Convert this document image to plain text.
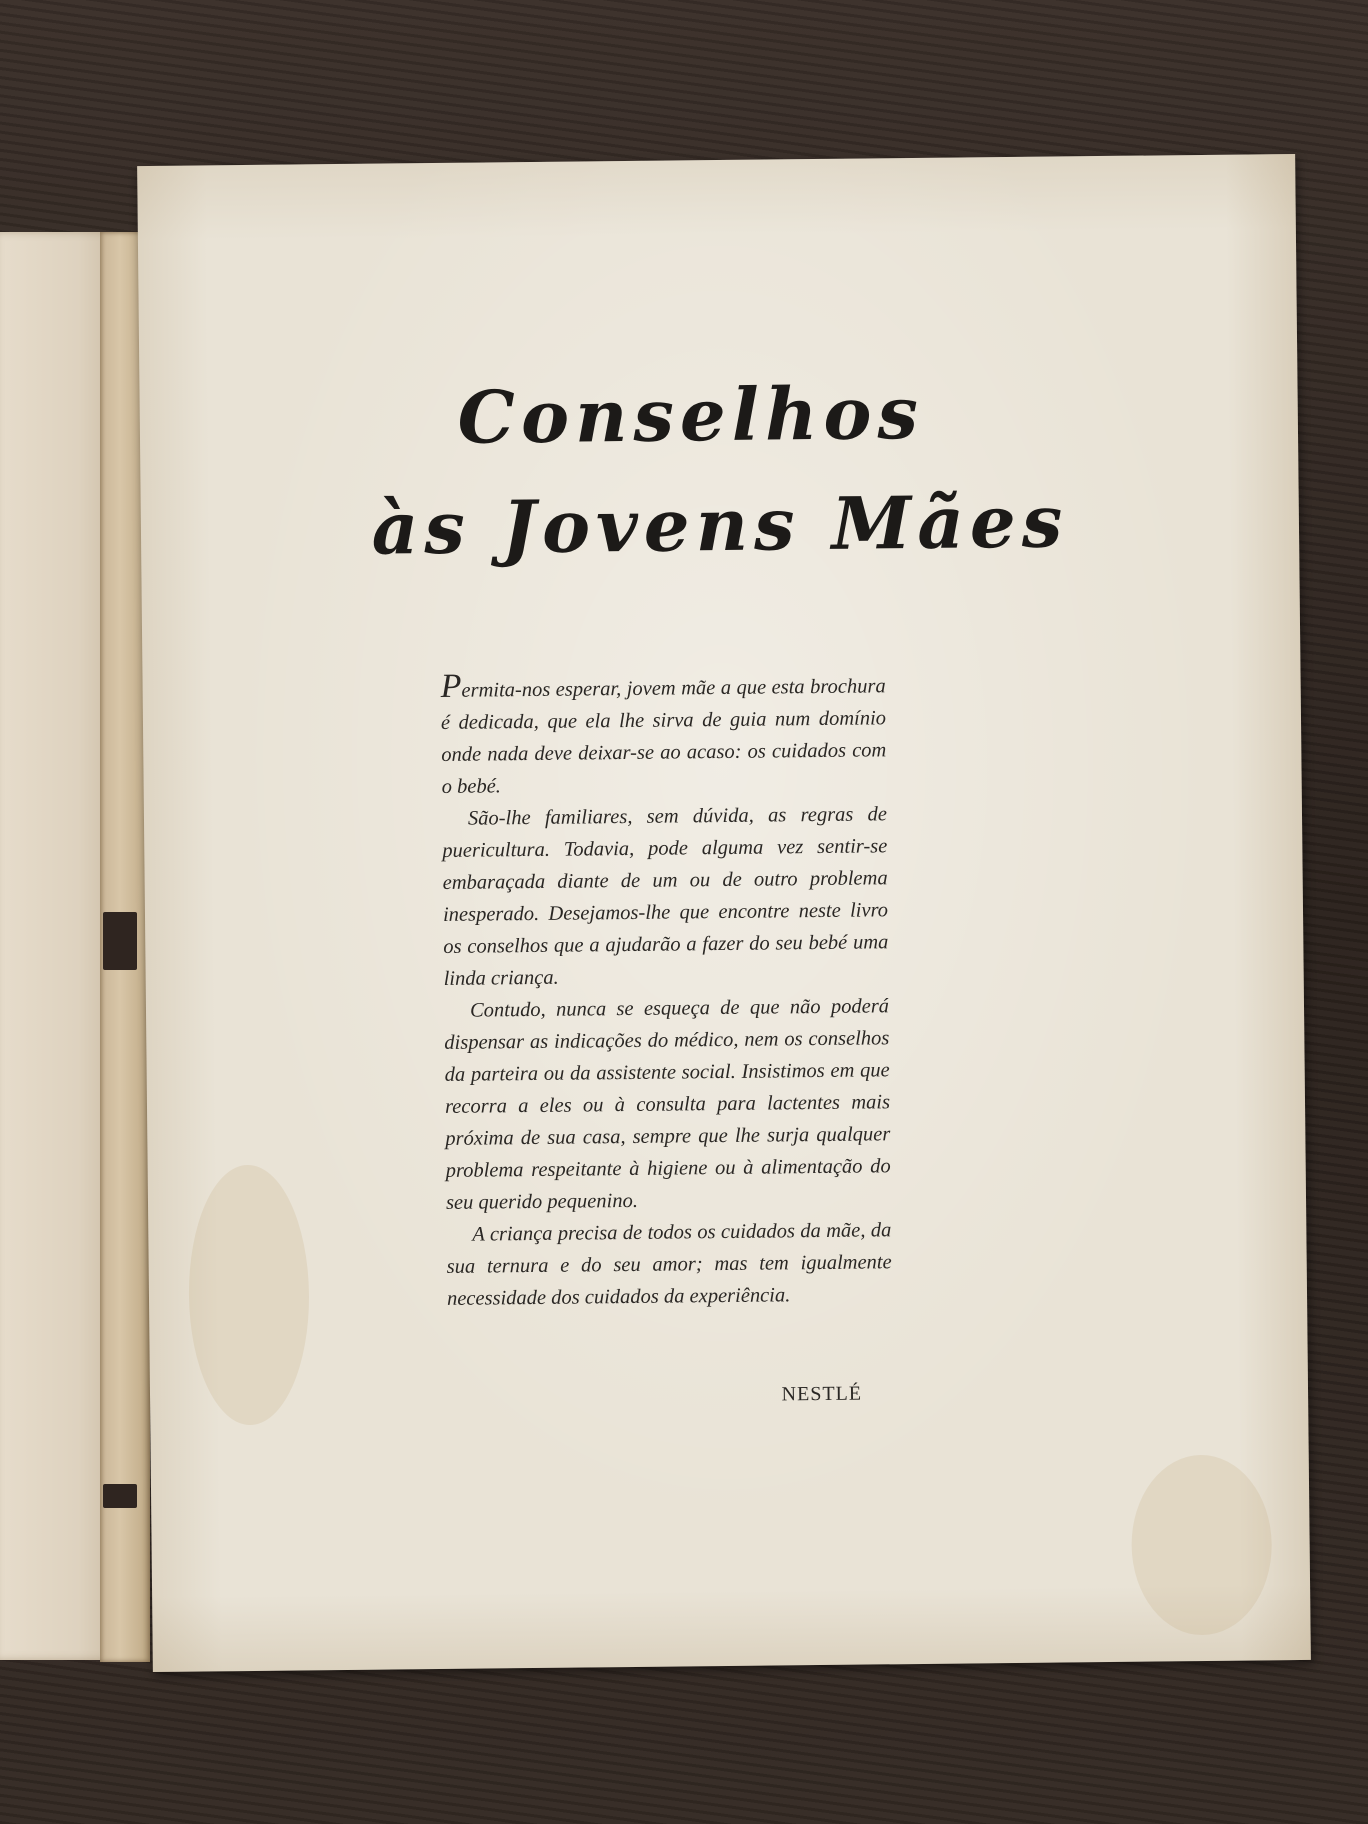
Conselhos
às Jovens Mães

Permita-nos esperar, jovem mãe a que esta brochura é dedicada, que ela lhe sirva de guia num domínio onde nada deve deixar-se ao acaso: os cuidados com o bebé.

São-lhe familiares, sem dúvida, as regras de puericultura. Todavia, pode alguma vez sentir-se embaraçada diante de um ou de outro problema inesperado. Desejamos-lhe que encontre neste livro os conselhos que a ajudarão a fazer do seu bebé uma linda criança.

Contudo, nunca se esqueça de que não poderá dispensar as indicações do médico, nem os conselhos da parteira ou da assistente social. Insistimos em que recorra a eles ou à consulta para lactentes mais próxima de sua casa, sempre que lhe surja qualquer problema respeitante à higiene ou à alimentação do seu querido pequenino.

A criança precisa de todos os cuidados da mãe, da sua ternura e do seu amor; mas tem igualmente necessidade dos cuidados da experiência.

NESTLÉ
